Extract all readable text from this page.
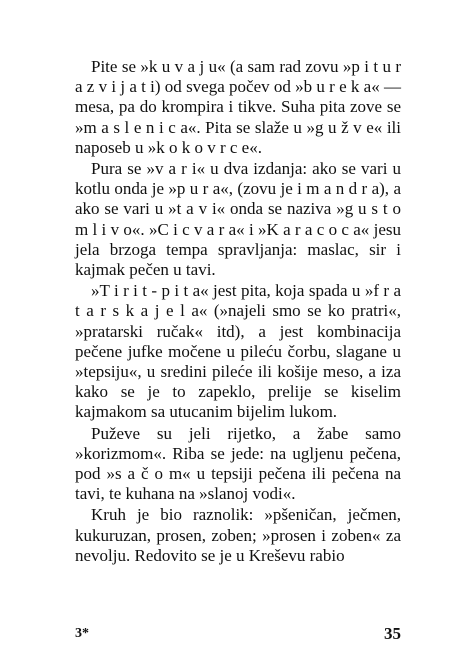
Pite se »k u v a j u« (a sam rad zovu »p i t u r a z v i j a t i) od svega počev od »b u r e k a« — mesa, pa do krompira i tikve. Suha pita zove se »m a s l e n i c a«. Pita se slaže u »g u ž v e« ili naposeb u »k o k o v r c e«.

Pura se »v a r i« u dva izdanja: ako se vari u kotlu onda je »p u r a«, (zovu je i m a n d r a), a ako se vari u »t a v i« onda se naziva »g u s t o m l i v o«. »C i c v a r a« i »K a r a c o c a« jesu jela brzoga tempa spravljanja: maslac, sir i kajmak pečen u tavi.

»T i r i t - p i t a« jest pita, koja spada u »f r a t a r s k a j e l a« (»najeli smo se ko pratri«, »pratarski ručak« itd), a jest kombinacija pečene jufke močene u pileću čorbu, slagane u »tepsiju«, u sredini pileće ili košije meso, a iza kako se je to zapeklo, prelije se kiselim kajmakom sa utucanim bijelim lukom.

Puževe su jeli rijetko, a žabe samo »korizmom«. Riba se jede: na ugljenu pečena, pod »s a č o m« u tepsiji pečena ili pečena na tavi, te kuhana na »slanoj vodi«.

Kruh je bio raznolik: »pšeničan, ječmen, kukuruzan, prosen, zoben; »prosen i zoben« za nevolju. Redovito se je u Kreševu rabio

3*	35
